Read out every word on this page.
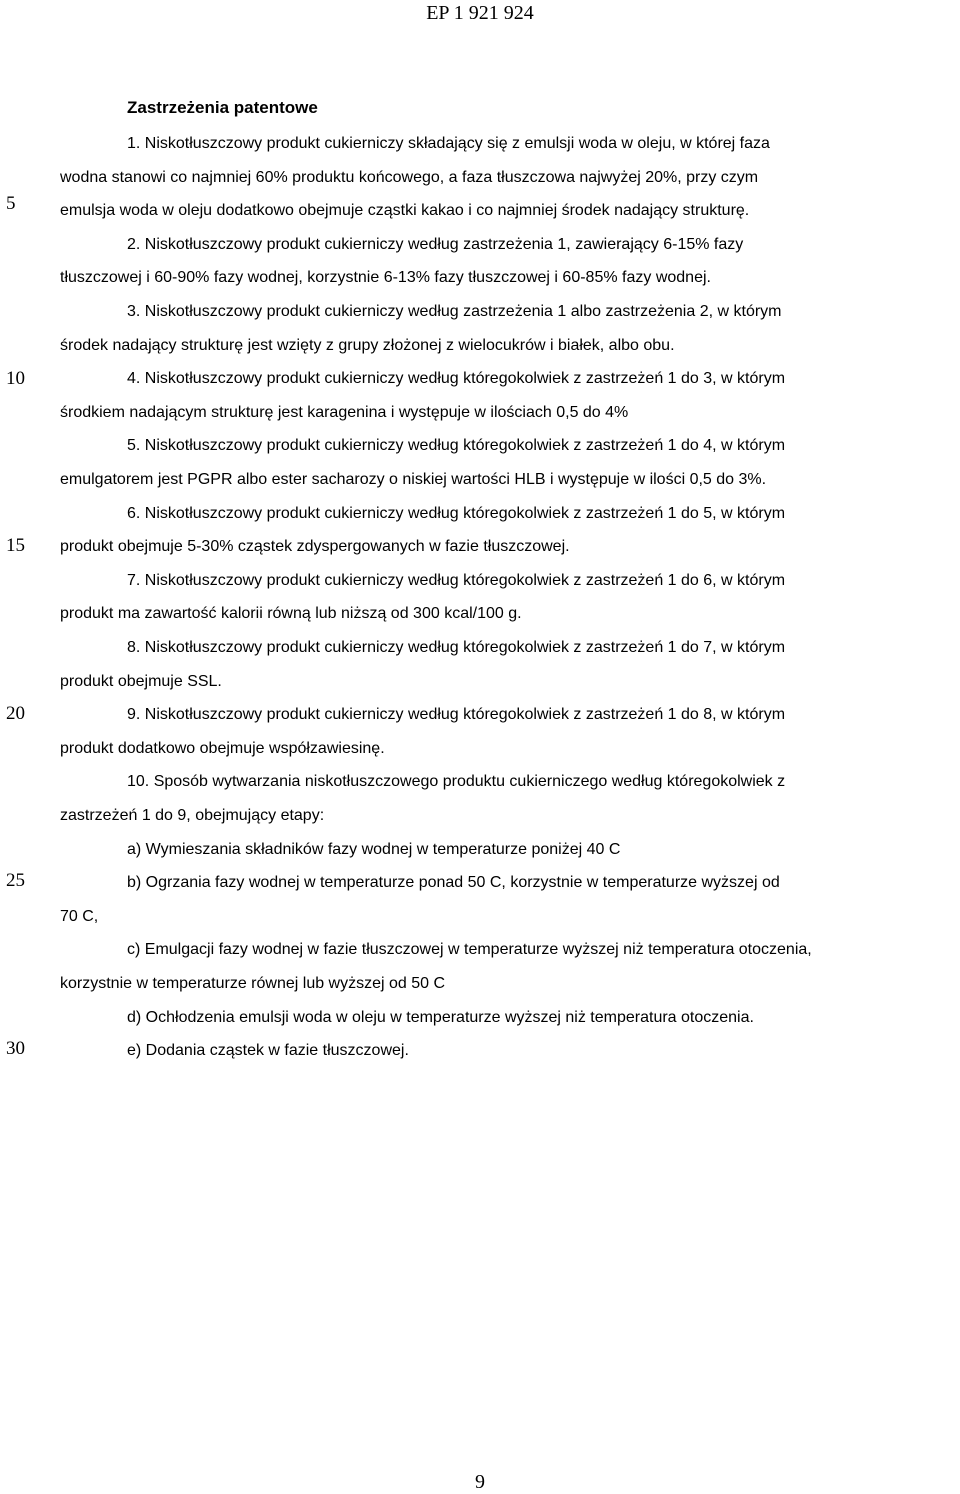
EP 1 921 924
5
10
15
20
25
30
Zastrzeżenia patentowe
1. Niskotłuszczowy produkt cukierniczy składający się z emulsji woda w oleju, w której faza
wodna stanowi co najmniej 60% produktu końcowego, a faza tłuszczowa najwyżej 20%, przy czym
emulsja woda w oleju dodatkowo obejmuje cząstki kakao i co najmniej środek nadający strukturę.
2. Niskotłuszczowy produkt cukierniczy według zastrzeżenia 1, zawierający 6-15% fazy
tłuszczowej i 60-90% fazy wodnej, korzystnie 6-13% fazy tłuszczowej i 60-85% fazy wodnej.
3. Niskotłuszczowy produkt cukierniczy według zastrzeżenia 1 albo zastrzeżenia 2, w którym
środek nadający strukturę jest wzięty z grupy złożonej z wielocukrów i białek, albo obu.
4. Niskotłuszczowy produkt cukierniczy według któregokolwiek z zastrzeżeń 1 do 3, w którym
środkiem nadającym strukturę jest karagenina i występuje w ilościach 0,5 do 4%
5. Niskotłuszczowy produkt cukierniczy według któregokolwiek z zastrzeżeń 1 do 4, w którym
emulgatorem jest PGPR albo ester sacharozy o niskiej wartości HLB i występuje w ilości 0,5 do 3%.
6. Niskotłuszczowy produkt cukierniczy według któregokolwiek z zastrzeżeń 1 do 5, w którym
produkt obejmuje 5-30% cząstek zdyspergowanych w fazie tłuszczowej.
7. Niskotłuszczowy produkt cukierniczy według któregokolwiek z zastrzeżeń 1 do 6, w którym
produkt ma zawartość kalorii równą lub niższą od 300 kcal/100 g.
8. Niskotłuszczowy produkt cukierniczy według któregokolwiek z zastrzeżeń 1 do 7, w którym
produkt obejmuje SSL.
9. Niskotłuszczowy produkt cukierniczy według któregokolwiek z zastrzeżeń 1 do 8, w którym
produkt dodatkowo obejmuje współzawiesinę.
10. Sposób wytwarzania niskotłuszczowego produktu cukierniczego według któregokolwiek z
zastrzeżeń 1 do 9, obejmujący etapy:
a) Wymieszania składników fazy wodnej w temperaturze poniżej 40 C
b) Ogrzania fazy wodnej w temperaturze ponad 50 C, korzystnie w temperaturze wyższej od
70 C,
c) Emulgacji fazy wodnej w fazie tłuszczowej w temperaturze wyższej niż temperatura otoczenia,
korzystnie w temperaturze równej lub wyższej od 50 C
d) Ochłodzenia emulsji woda w oleju w temperaturze wyższej niż temperatura otoczenia.
e) Dodania cząstek w fazie tłuszczowej.
9
